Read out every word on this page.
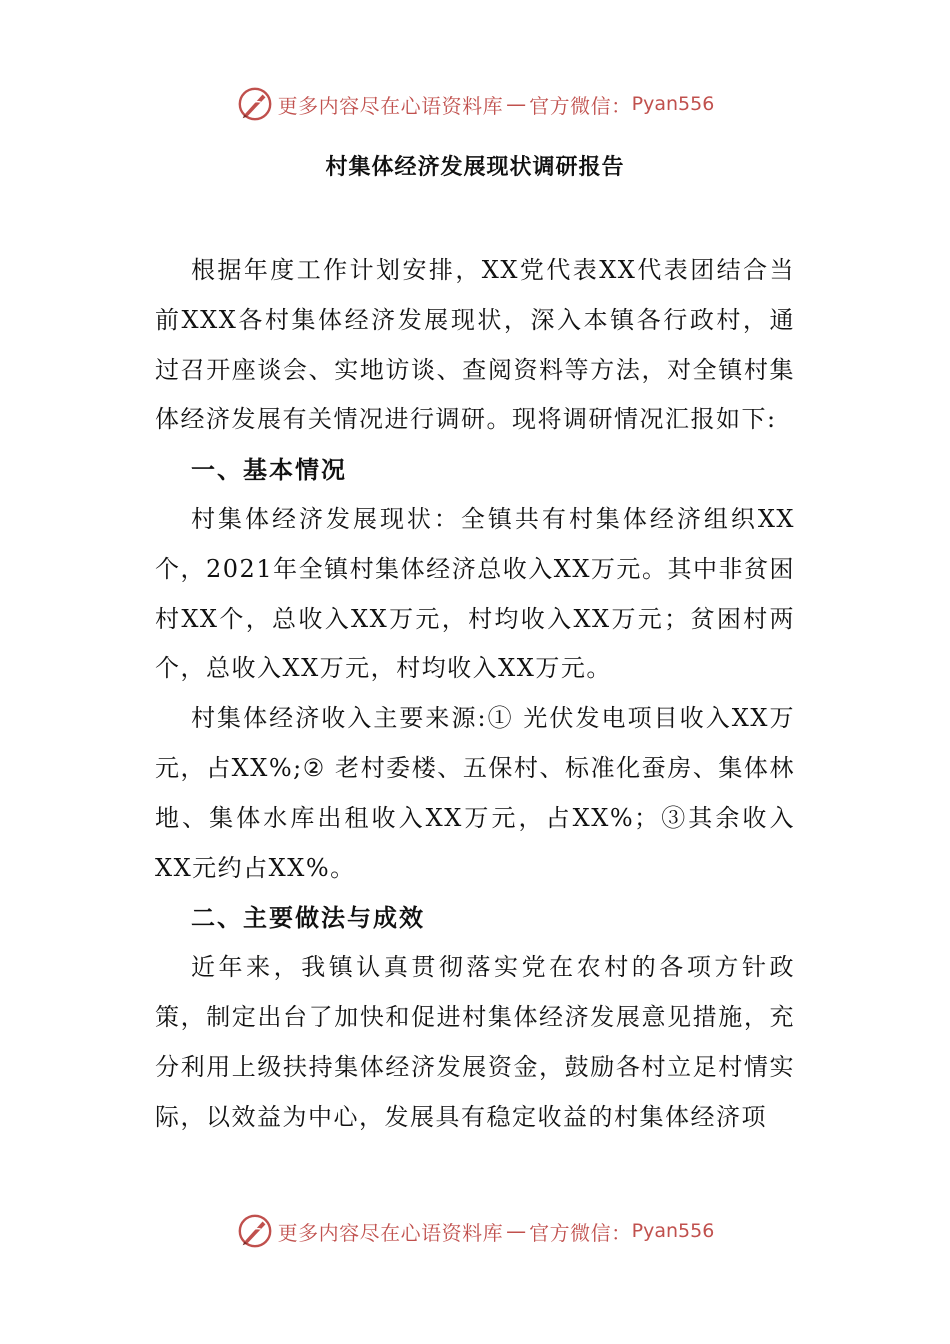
更多内容尽在心语资料库 — 官方微信： Pyan556
村集体经济发展现状调研报告

根据年度工作计划安排，XX党代表XX代表团结合当前XXX各村集体经济发展现状，深入本镇各行政村，通过召开座谈会、实地访谈、查阅资料等方法，对全镇村集体经济发展有关情况进行调研。现将调研情况汇报如下:

一、基本情况

村集体经济发展现状：全镇共有村集体经济组织XX个，2021年全镇村集体经济总收入XX万元。其中非贫困村XX个，总收入XX万元，村均收入XX万元；贫困村两个，总收入XX万元，村均收入XX万元。

村集体经济收入主要来源:① 光伏发电项目收入XX万元，占XX%;② 老村委楼、五保村、标准化蚕房、集体林地、集体水库出租收入XX万元，占XX%；③其余收入XX元约占XX%。

二、主要做法与成效

近年来，我镇认真贯彻落实党在农村的各项方针政策，制定出台了加快和促进村集体经济发展意见措施，充分利用上级扶持集体经济发展资金，鼓励各村立足村情实际，以效益为中心，发展具有稳定收益的村集体经济项

更多内容尽在心语资料库 — 官方微信： Pyan556
